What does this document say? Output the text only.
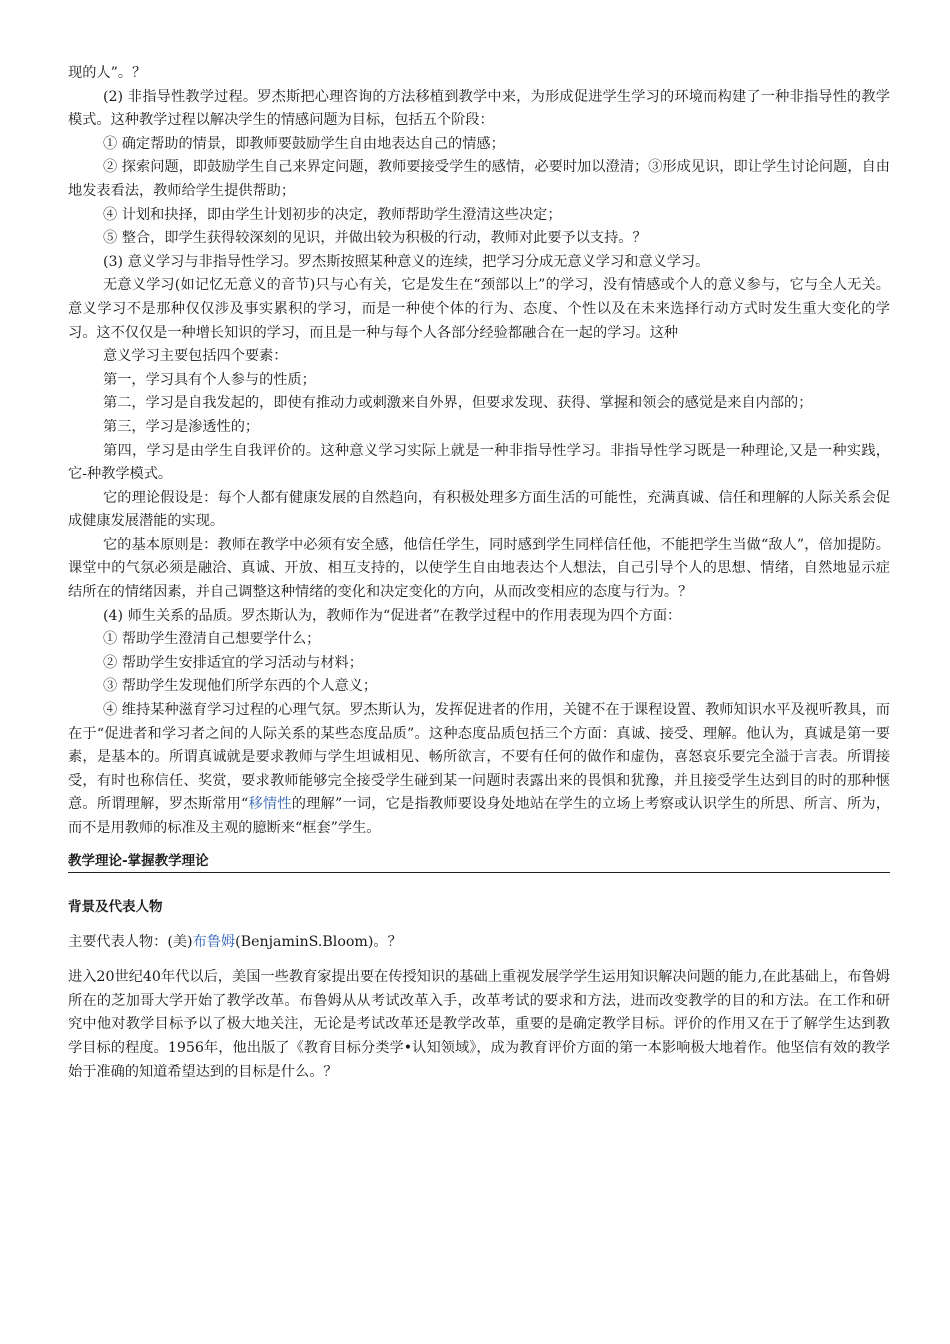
现的人”。？

(2) 非指导性教学过程。罗杰斯把心理咨询的方法移植到教学中来，为形成促进学生学习的环境而构建了一种非指导性的教学模式。这种教学过程以解决学生的情感问题为目标，包括五个阶段：

① 确定帮助的情景，即教师要鼓励学生自由地表达自己的情感；

② 探索问题，即鼓励学生自己来界定问题，教师要接受学生的感情，必要时加以澄清；③形成见识，即让学生讨论问题，自由地发表看法，教师给学生提供帮助；

④ 计划和抉择，即由学生计划初步的决定，教师帮助学生澄清这些决定；

⑤ 整合，即学生获得较深刻的见识，并做出较为积极的行动，教师对此要予以支持。？

(3) 意义学习与非指导性学习。罗杰斯按照某种意义的连续，把学习分成无意义学习和意义学习。

无意义学习(如记忆无意义的音节)只与心有关，它是发生在“颈部以上”的学习，没有情感或个人的意义参与，它与全人无关。意义学习不是那种仅仅涉及事实累积的学习，而是一种使个体的行为、态度、个性以及在未来选择行动方式时发生重大变化的学习。这不仅仅是一种增长知识的学习，而且是一种与每个人各部分经验都融合在一起的学习。这种

意义学习主要包括四个要素：

第一，学习具有个人参与的性质；

第二，学习是自我发起的，即使有推动力或刺激来自外界，但要求发现、获得、掌握和领会的感觉是来自内部的；

第三，学习是渗透性的；

第四，学习是由学生自我评价的。这种意义学习实际上就是一种非指导性学习。非指导性学习既是一种理论,又是一种实践，它-种教学模式。

它的理论假设是：每个人都有健康发展的自然趋向，有积极处理多方面生活的可能性，充满真诚、信任和理解的人际关系会促成健康发展潜能的实现。

它的基本原则是：教师在教学中必须有安全感，他信任学生，同时感到学生同样信任他，不能把学生当做“敌人”，倍加提防。课堂中的气氛必须是融洽、真诚、开放、相互支持的，以使学生自由地表达个人想法，自己引导个人的思想、情绪，自然地显示症结所在的情绪因素，并自己调整这种情绪的变化和决定变化的方向，从而改变相应的态度与行为。？

(4) 师生关系的品质。罗杰斯认为，教师作为“促进者”在教学过程中的作用表现为四个方面：

① 帮助学生澄清自己想要学什么；

② 帮助学生安排适宜的学习活动与材料；

③ 帮助学生发现他们所学东西的个人意义；

④ 维持某种滋育学习过程的心理气氛。罗杰斯认为，发挥促进者的作用，关键不在于课程设置、教师知识水平及视听教具，而在于“促进者和学习者之间的人际关系的某些态度品质”。这种态度品质包括三个方面：真诚、接受、理解。他认为，真诚是第一要素，是基本的。所谓真诚就是要求教师与学生坦诚相见、畅所欲言，不要有任何的做作和虚伪，喜怒哀乐要完全溢于言表。所谓接受，有时也称信任、奖赏，要求教师能够完全接受学生碰到某一问题时表露出来的畏惧和犹豫，并且接受学生达到目的时的那种惬意。所谓理解，罗杰斯常用“移情性的理解”一词，它是指教师要设身处地站在学生的立场上考察或认识学生的所思、所言、所为，而不是用教师的标准及主观的臆断来“框套”学生。

教学理论-掌握教学理论
背景及代表人物

主要代表人物：(美)布鲁姆(BenjaminS.Bloom)。？

进入20世纪40年代以后，美国一些教育家提出要在传授知识的基础上重视发展学学生运用知识解决问题的能力,在此基础上，布鲁姆所在的芝加哥大学开始了教学改革。布鲁姆从从考试改革入手，改革考试的要求和方法，进而改变教学的目的和方法。在工作和研究中他对教学目标予以了极大地关注，无论是考试改革还是教学改革，重要的是确定教学目标。评价的作用又在于了解学生达到教学目标的程度。1956年，他出版了《教育目标分类学•认知领域》，成为教育评价方面的第一本影响极大地着作。他坚信有效的教学始于准确的知道希望达到的目标是什么。？
